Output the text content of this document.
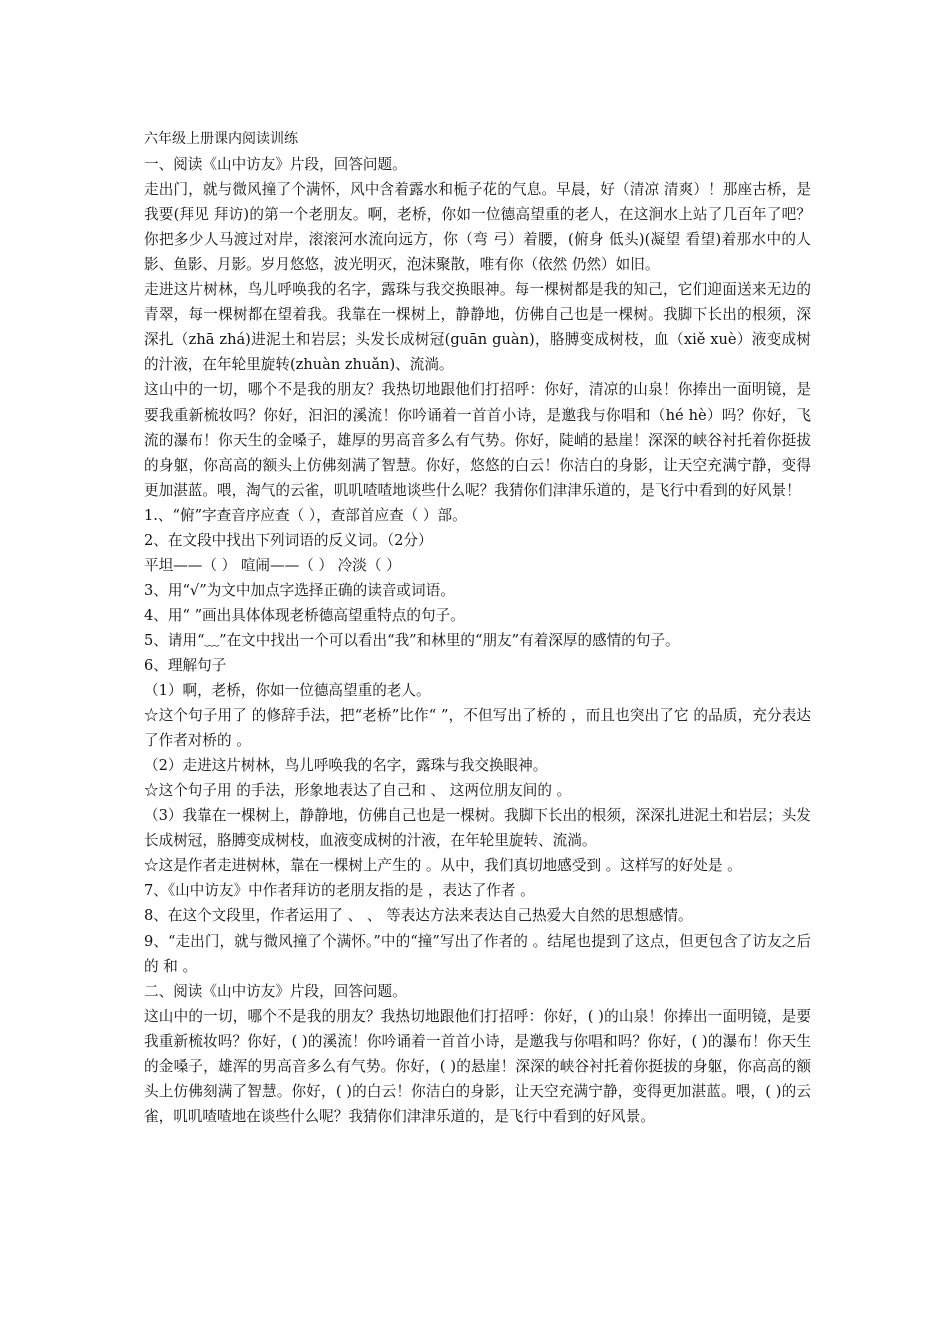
六年级上册课内阅读训练

一、阅读《山中访友》片段，回答问题。

走出门，就与微风撞了个满怀，风中含着露水和栀子花的气息。早晨，好（清凉 清爽）！那座古桥，是我要(拜见 拜访)的第一个老朋友。啊，老桥，你如一位德高望重的老人，在这涧水上站了几百年了吧？你把多少人马渡过对岸，滚滚河水流向远方，你（弯 弓）着腰，(俯身 低头)(凝望 看望)着那水中的人影、鱼影、月影。岁月悠悠，波光明灭，泡沫聚散，唯有你（依然 仍然）如旧。

走进这片树林，鸟儿呼唤我的名字，露珠与我交换眼神。每一棵树都是我的知己，它们迎面送来无边的青翠，每一棵树都在望着我。我靠在一棵树上，静静地，仿佛自己也是一棵树。我脚下长出的根须，深深扎（zhā zhá)进泥土和岩层；头发长成树冠(guān guàn)，胳膊变成树枝，血（xiě xuè）液变成树的汁液，在年轮里旋转(zhuàn zhuǎn)、流淌。

这山中的一切，哪个不是我的朋友？我热切地跟他们打招呼：你好，清凉的山泉！你捧出一面明镜，是要我重新梳妆吗？你好，汩汩的溪流！你吟诵着一首首小诗，是邀我与你唱和（hé hè）吗？你好，飞流的瀑布！你天生的金嗓子，雄厚的男高音多么有气势。你好，陡峭的悬崖！深深的峡谷衬托着你挺拔的身躯，你高高的额头上仿佛刻满了智慧。你好，悠悠的白云！你洁白的身影，让天空充满宁静，变得更加湛蓝。喂，淘气的云雀，叽叽喳喳地谈些什么呢？我猜你们津津乐道的，是飞行中看到的好风景！

1.、“俯”字查音序应查（ ），查部首应查（ ）部。

2、在文段中找出下列词语的反义词。（2分）

平坦——（ ） 喧闹——（ ） 冷淡（ ）

3、用“√”为文中加点字选择正确的读音或词语。

4、用“ ”画出具体体现老桥德高望重特点的句子。

5、请用“﹏”在文中找出一个可以看出“我”和林里的“朋友”有着深厚的感情的句子。

6、理解句子

（1）啊，老桥，你如一位德高望重的老人。

☆这个句子用了 的修辞手法，把“老桥”比作“ ”，不但写出了桥的 ，而且也突出了它 的品质，充分表达了作者对桥的 。

（2）走进这片树林，鸟儿呼唤我的名字，露珠与我交换眼神。

☆这个句子用 的手法，形象地表达了自己和 、 这两位朋友间的 。

（3）我靠在一棵树上，静静地，仿佛自己也是一棵树。我脚下长出的根须，深深扎进泥土和岩层；头发长成树冠，胳膊变成树枝，血液变成树的汁液，在年轮里旋转、流淌。

☆这是作者走进树林，靠在一棵树上产生的 。从中，我们真切地感受到 。这样写的好处是 。

7、《山中访友》中作者拜访的老朋友指的是 ，表达了作者 。

8、在这个文段里，作者运用了 、 、 等表达方法来表达自己热爱大自然的思想感情。

9、“走出门，就与微风撞了个满怀。”中的“撞”写出了作者的 。结尾也提到了这点，但更包含了访友之后的 和 。

二、阅读《山中访友》片段，回答问题。

这山中的一切，哪个不是我的朋友？我热切地跟他们打招呼：你好，( )的山泉！你捧出一面明镜，是要我重新梳妆吗？你好，( )的溪流！你吟诵着一首首小诗，是邀我与你唱和吗？你好，( )的瀑布！你天生的金嗓子，雄浑的男高音多么有气势。你好，( )的悬崖！深深的峡谷衬托着你挺拔的身躯，你高高的额头上仿佛刻满了智慧。你好，( )的白云！你洁白的身影，让天空充满宁静，变得更加湛蓝。喂，( )的云雀，叽叽喳喳地在谈些什么呢？我猜你们津津乐道的，是飞行中看到的好风景。
